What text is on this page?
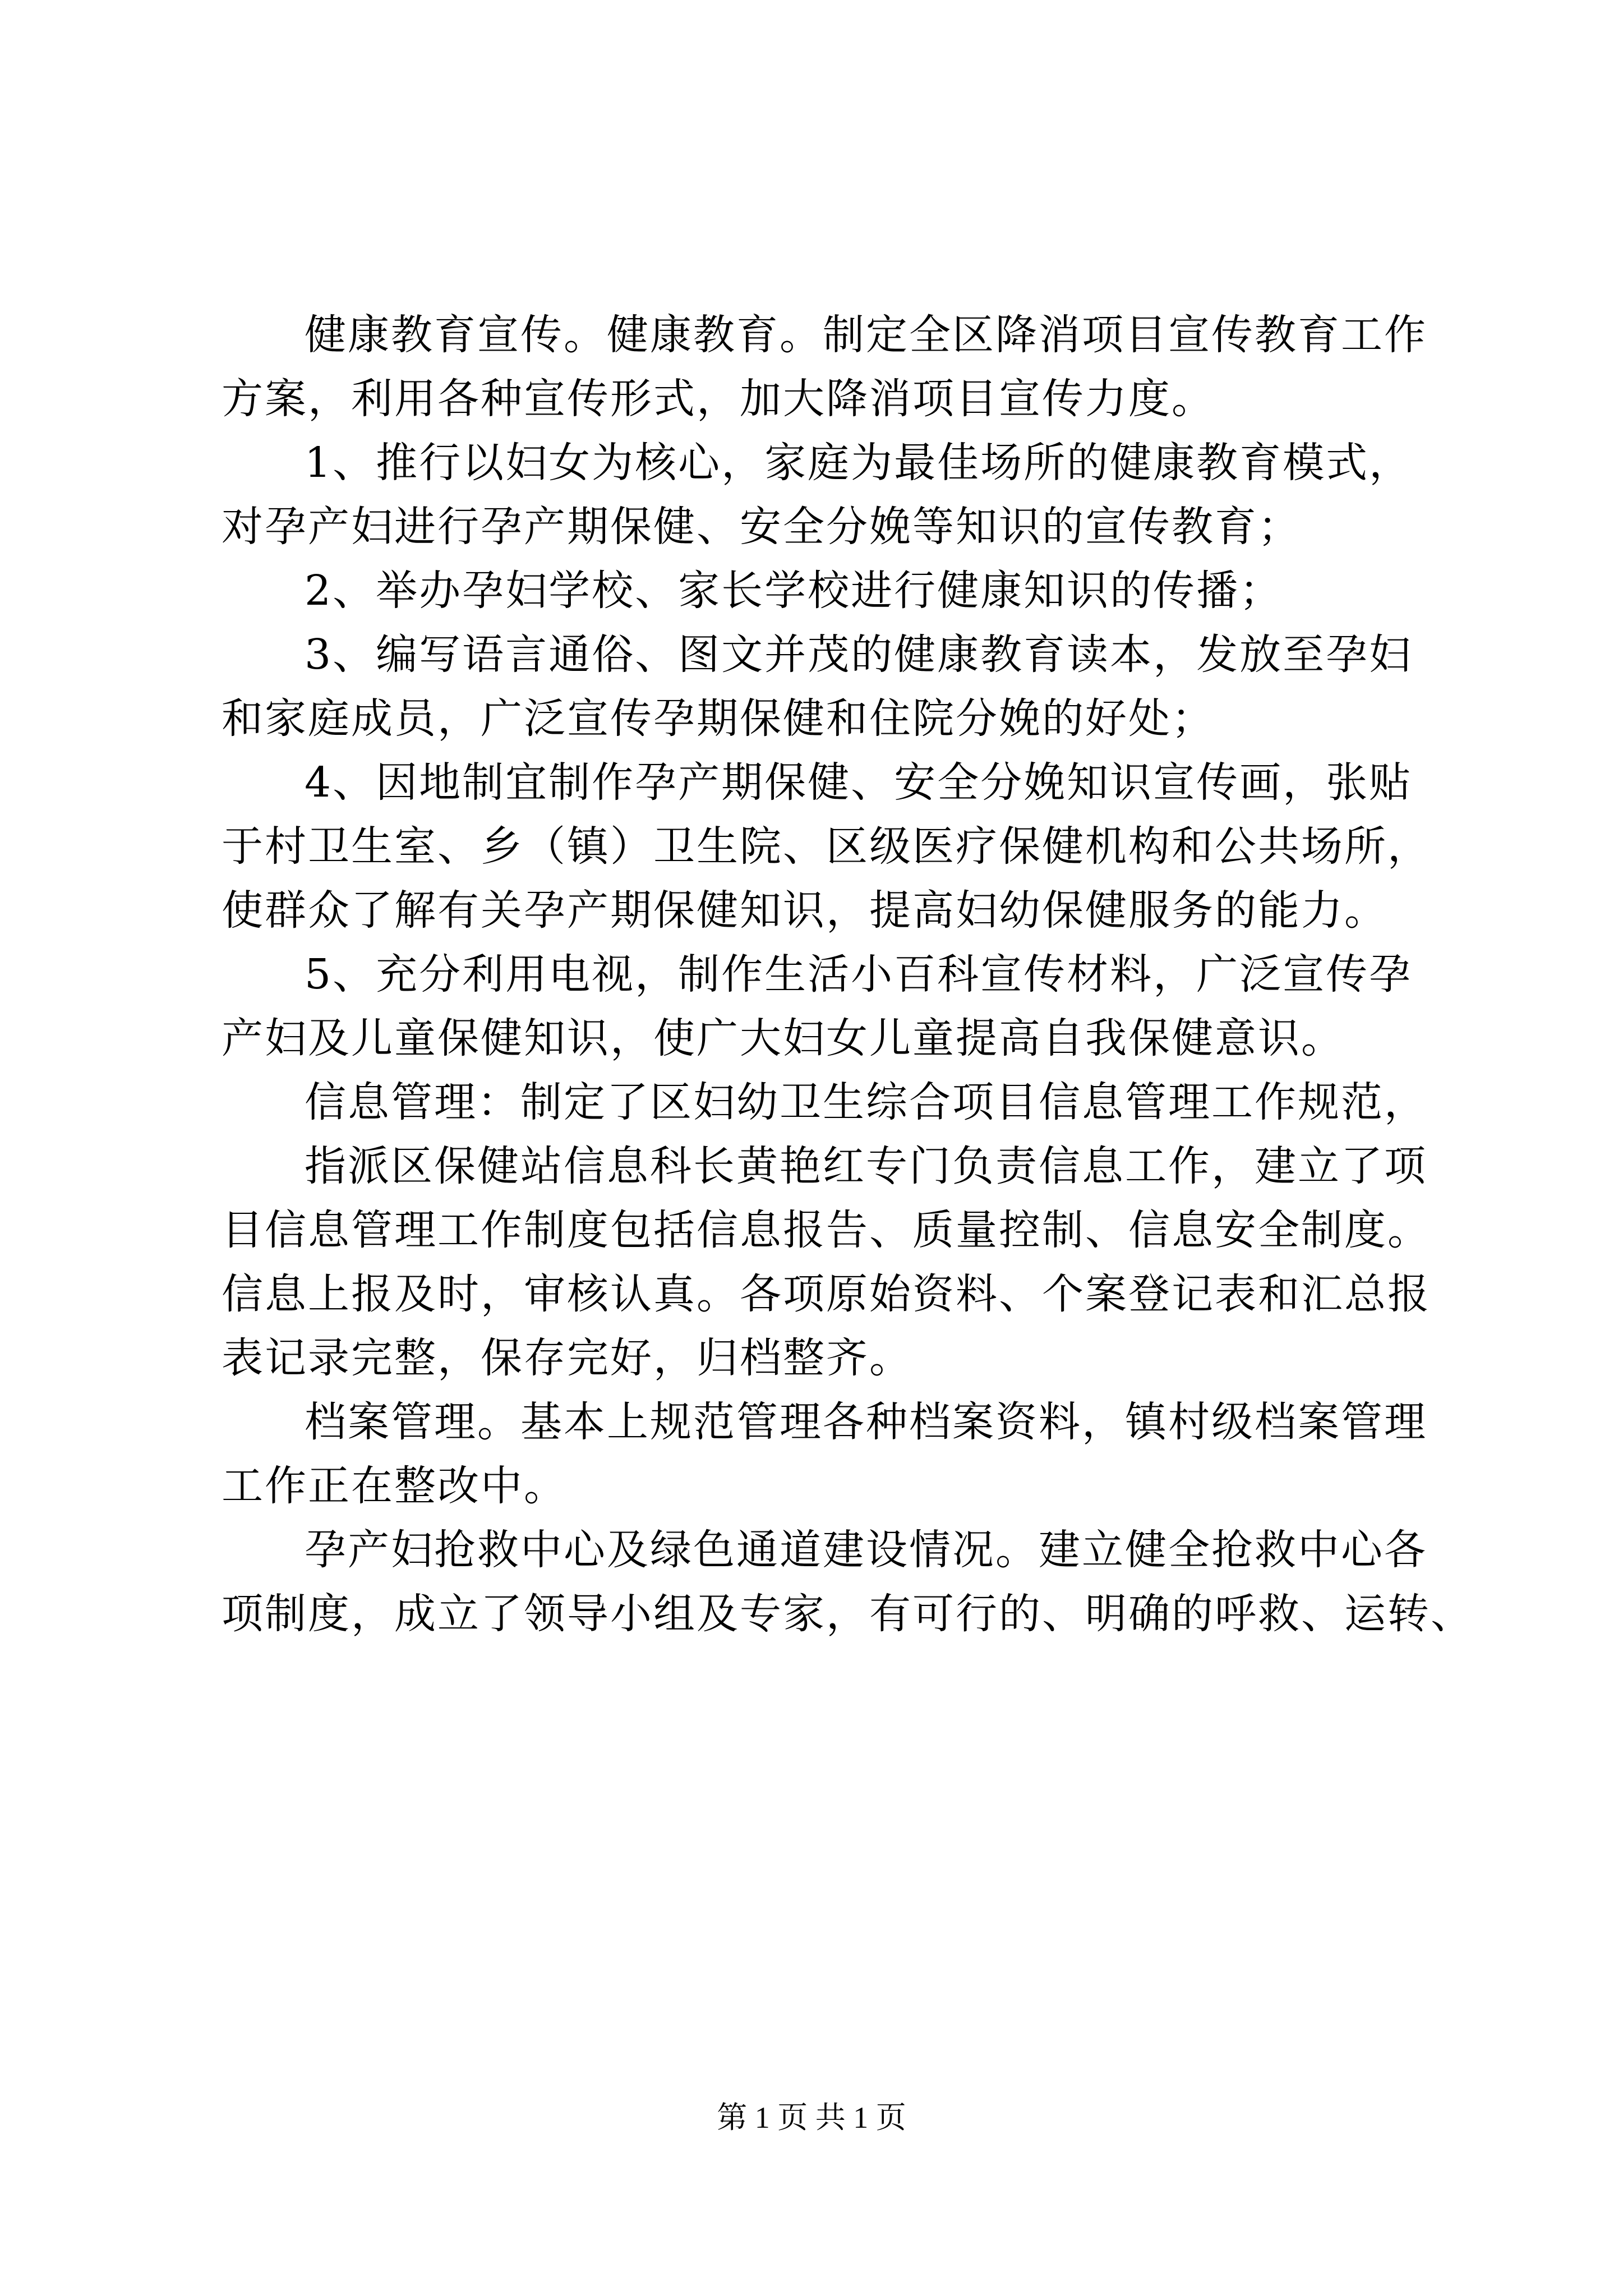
健康教育宣传。健康教育。制定全区降消项目宣传教育工作
方案，利用各种宣传形式，加大降消项目宣传力度。
1、推行以妇女为核心，家庭为最佳场所的健康教育模式，
对孕产妇进行孕产期保健、安全分娩等知识的宣传教育；
2、举办孕妇学校、家长学校进行健康知识的传播；
3、编写语言通俗、图文并茂的健康教育读本，发放至孕妇
和家庭成员，广泛宣传孕期保健和住院分娩的好处；
4、因地制宜制作孕产期保健、安全分娩知识宣传画，张贴
于村卫生室、乡（镇）卫生院、区级医疗保健机构和公共场所，
使群众了解有关孕产期保健知识，提高妇幼保健服务的能力。
5、充分利用电视，制作生活小百科宣传材料，广泛宣传孕
产妇及儿童保健知识，使广大妇女儿童提高自我保健意识。
信息管理：制定了区妇幼卫生综合项目信息管理工作规范，
指派区保健站信息科长黄艳红专门负责信息工作，建立了项
目信息管理工作制度包括信息报告、质量控制、信息安全制度。
信息上报及时，审核认真。各项原始资料、个案登记表和汇总报
表记录完整，保存完好，归档整齐。
档案管理。基本上规范管理各种档案资料，镇村级档案管理
工作正在整改中。
孕产妇抢救中心及绿色通道建设情况。建立健全抢救中心各
项制度，成立了领导小组及专家，有可行的、明确的呼救、运转、
第 1 页 共 1 页
